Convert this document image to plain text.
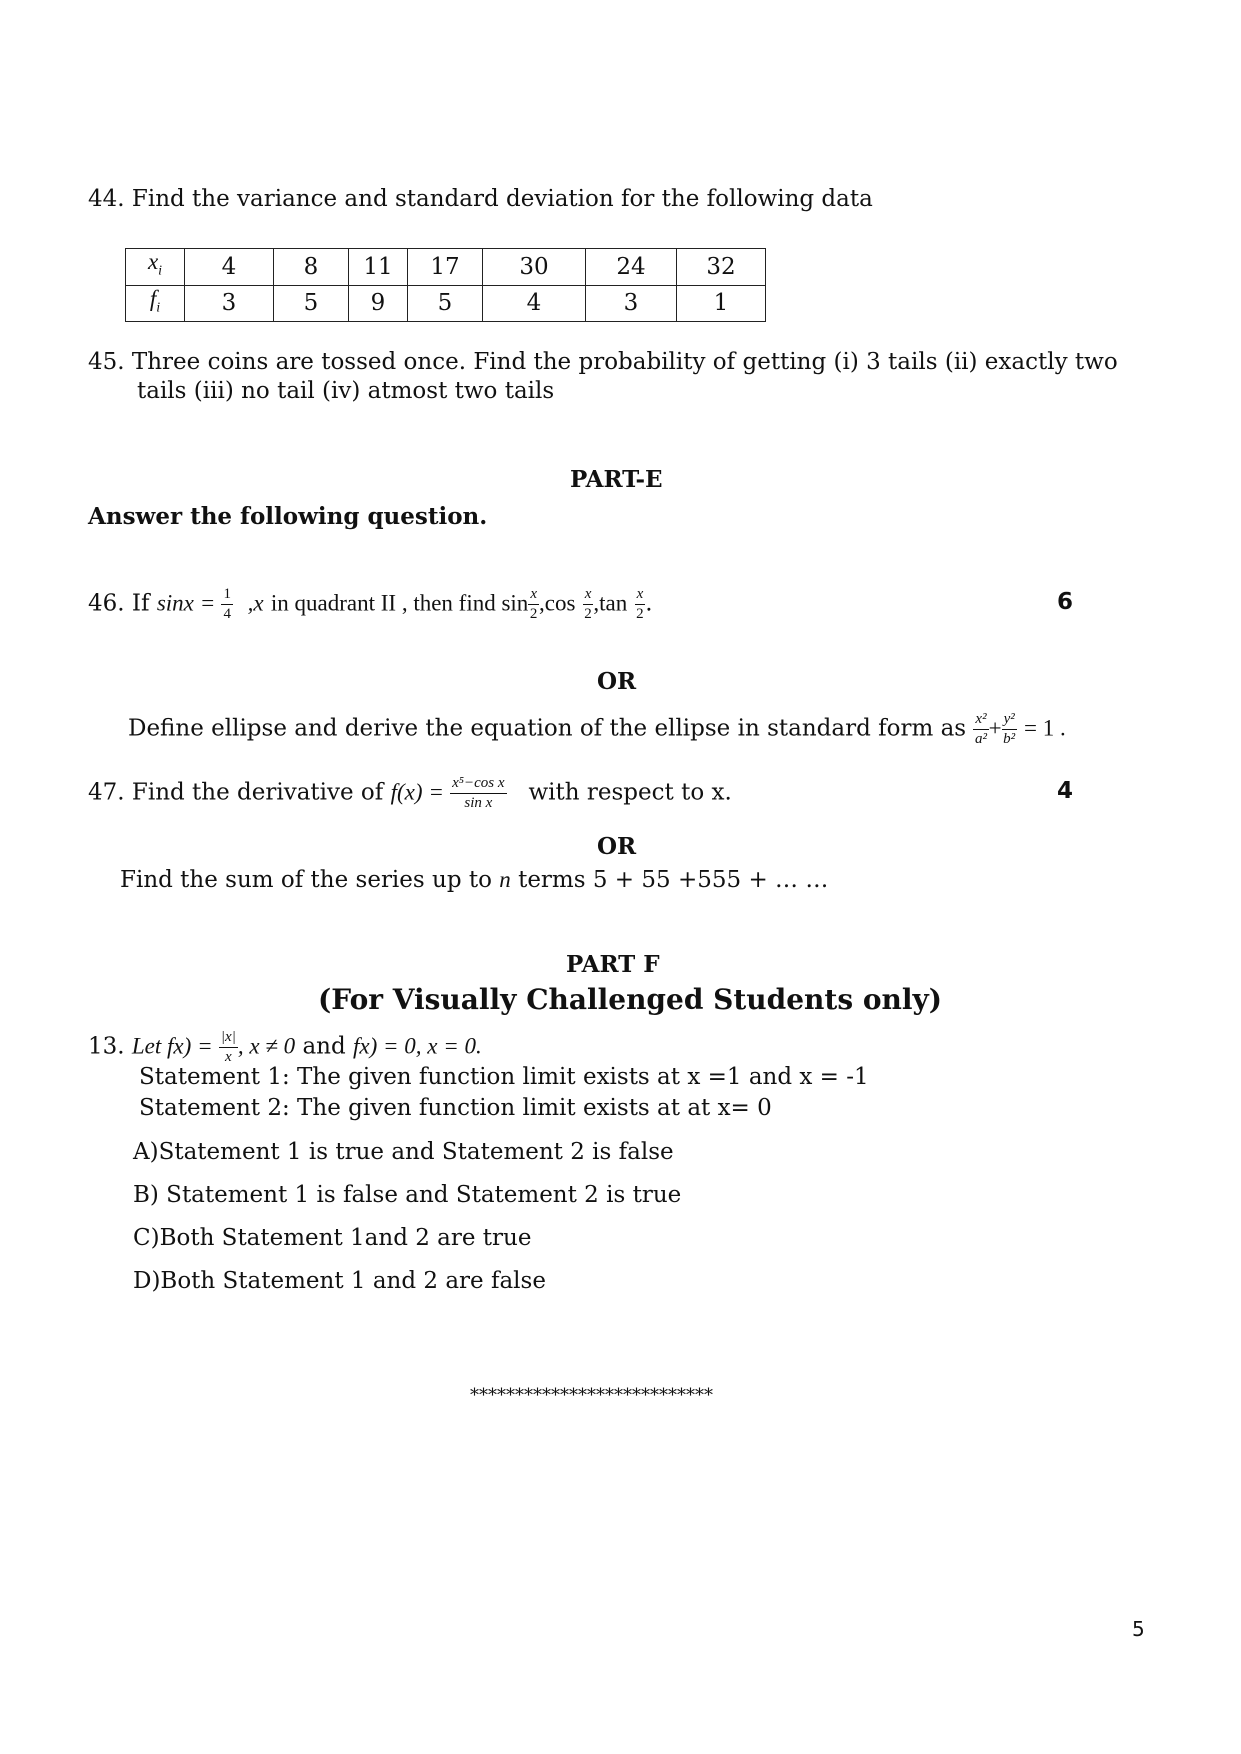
44. Find the variance and standard deviation for the following data
$x_i$	4	8	11	17	30	24	32
$f_i$	3	5	9	5	4	3	1
45. Three coins are tossed once. Find the probability of getting (i) 3 tails (ii) exactly two
tails (iii) no tail (iv) atmost two tails
PART-E
Answer the following question.
46. If $\sin x = \frac{1}{4} ,x$ in quadrant II , then find $\sin \frac{x}{2} ,\cos \frac{x}{2} ,\tan \frac{x}{2}$ .	6
OR
Define ellipse and derive the equation of the ellipse in standard form as $\frac{\text{x²}}{\text{a²}} + \frac{\text{y²}}{\text{b²}} = 1$ .
47. Find the derivative of $f(x) = \frac{\text{x⁵−cos x}}{\text{sin x}}$ with respect to x.	4
OR
Find the sum of the series up to n terms 5 + 55 +555 + … …
PART F
(For Visually Challenged Students only)
13. Let $fx) = \frac{|x|}{x}$ , x ≠ 0 and fx) = 0, x = 0.
Statement 1: The given function limit exists at x =1 and x = -1
Statement 2: The given function limit exists at at x= 0
A)Statement 1 is true and Statement 2 is false
B) Statement 1 is false and Statement 2 is true
C)Both Statement 1and 2 are true
D)Both Statement 1 and 2 are false
***************************
5
